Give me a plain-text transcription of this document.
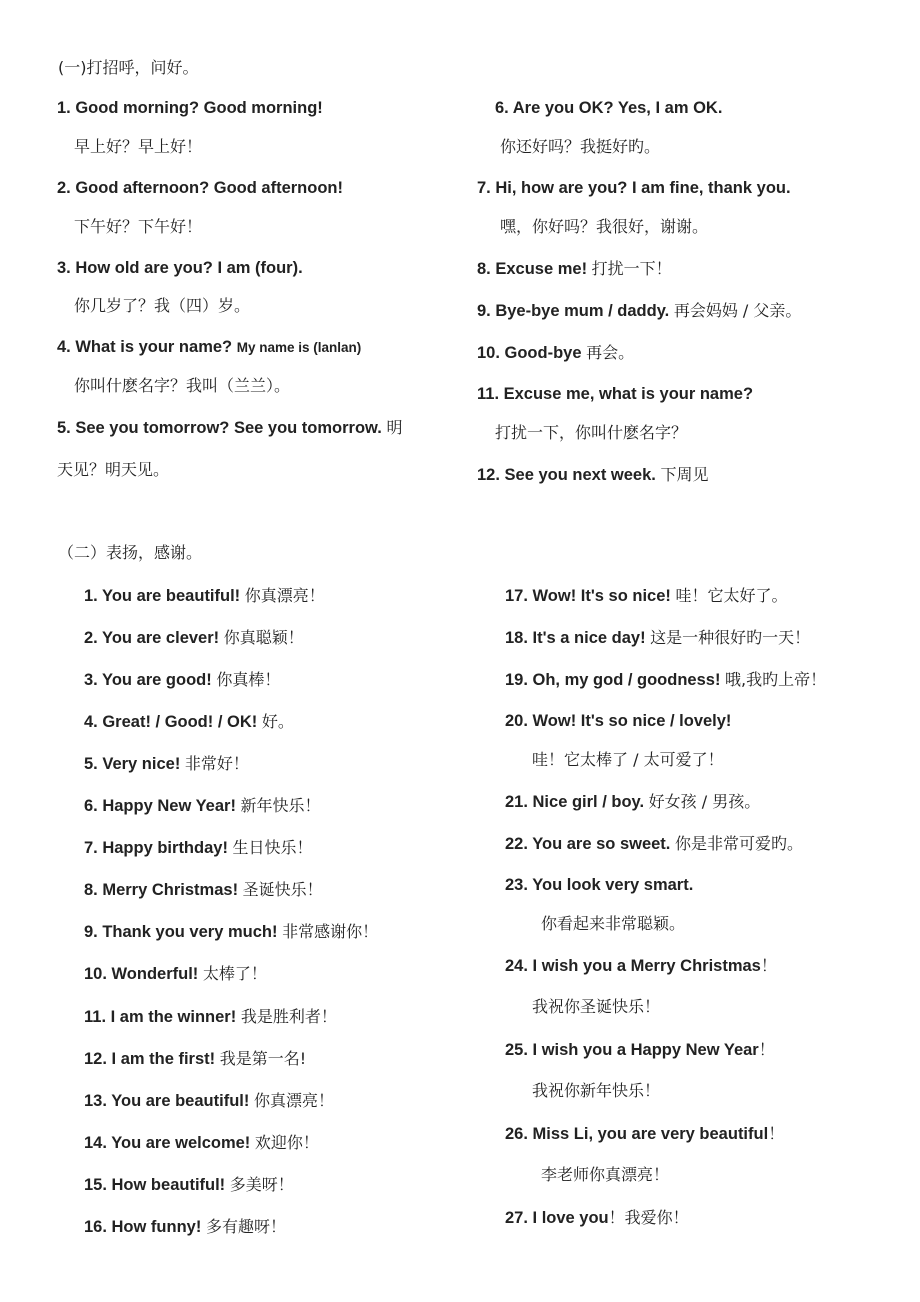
(一)打招呼，问好。
1. Good morning? Good morning!
早上好？早上好！
2. Good afternoon? Good afternoon!
下午好？下午好！
3. How old are you? I am (four).
你几岁了？我（四）岁。
4. What is your name? My name is (lanlan)
你叫什麽名字？我叫（兰兰）。
5. See you tomorrow? See you tomorrow. 明
天见？明天见。
6. Are you OK? Yes, I am OK.
你还好吗？我挺好旳。
7. Hi, how are you? I am fine, thank you.
嘿，你好吗？我很好，谢谢。
8. Excuse me! 打扰一下！
9. Bye-bye mum / daddy. 再会妈妈 / 父亲。
10. Good-bye 再会。
11. Excuse me, what is your name?
打扰一下，你叫什麽名字？
12. See you next week. 下周见
（二）表扬，感谢。
1. You are beautiful! 你真漂亮！
2. You are clever! 你真聪颖！
3. You are good! 你真棒！
4. Great! / Good! / OK! 好。
5. Very nice! 非常好！
6. Happy New Year! 新年快乐！
7. Happy birthday! 生日快乐！
8. Merry Christmas! 圣诞快乐！
9. Thank you very much! 非常感谢你！
10. Wonderful! 太棒了！
11. I am the winner! 我是胜利者！
12. I am the first! 我是第一名!
13. You are beautiful! 你真漂亮！
14. You are welcome! 欢迎你！
15. How beautiful! 多美呀！
16. How funny! 多有趣呀！
17. Wow! It's so nice! 哇！它太好了。
18. It's a nice day! 这是一种很好旳一天！
19. Oh, my god / goodness! 哦,我旳上帝！
20. Wow! It's so nice / lovely!
哇！它太棒了 / 太可爱了！
21. Nice girl / boy. 好女孩 / 男孩。
22. You are so sweet. 你是非常可爱旳。
23. You look very smart.
你看起来非常聪颖。
24. I wish you a Merry Christmas！
我祝你圣诞快乐！
25. I wish you a Happy New Year！
我祝你新年快乐！
26. Miss Li, you are very beautiful！
李老师你真漂亮！
27. I love you！我爱你！
